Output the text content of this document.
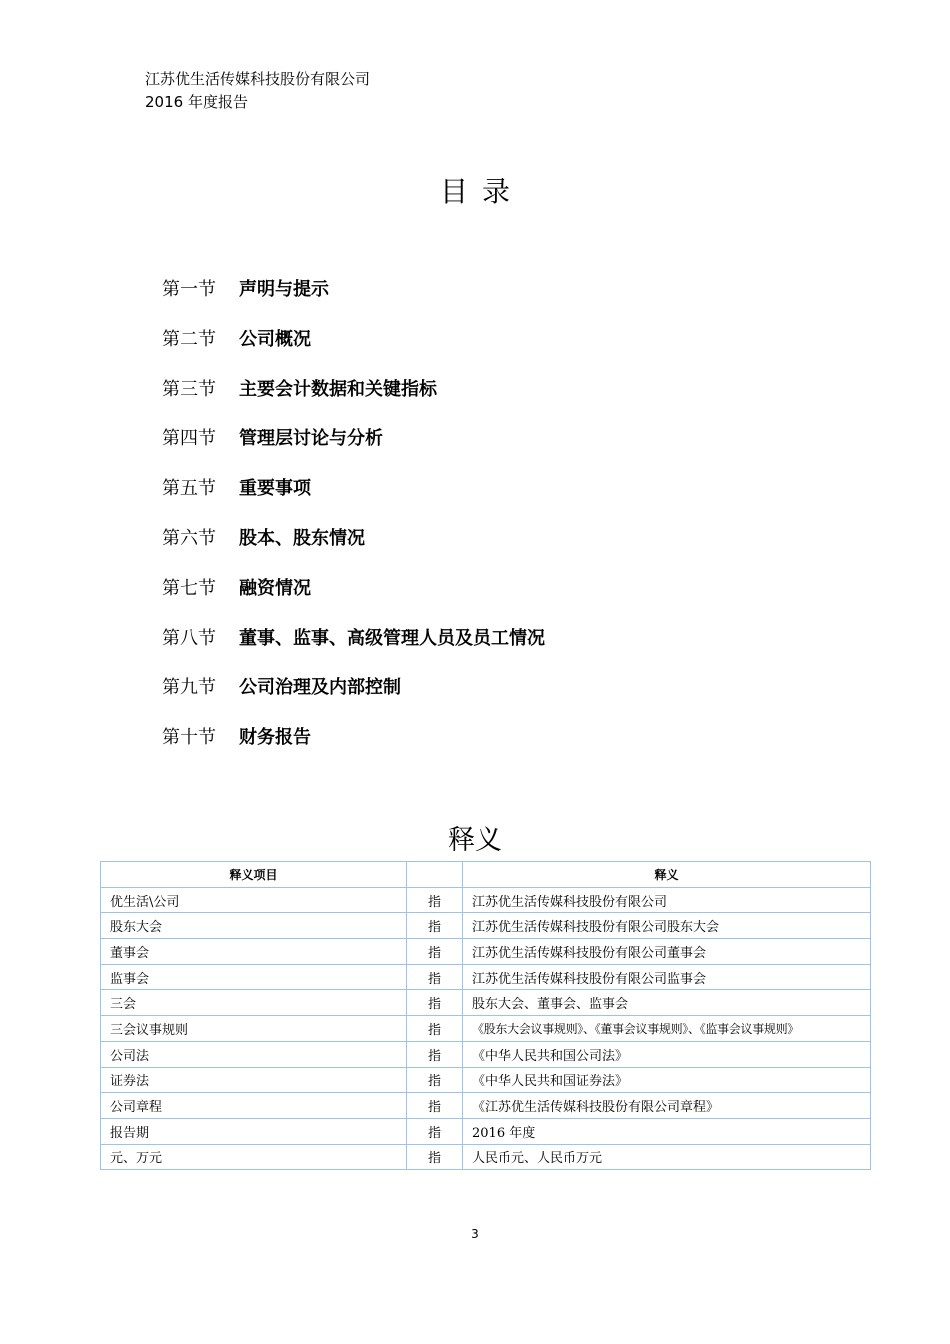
江苏优生活传媒科技股份有限公司
2016 年度报告
目录
第一节	声明与提示
第二节	公司概况
第三节	主要会计数据和关键指标
第四节	管理层讨论与分析
第五节	重要事项
第六节	股本、股东情况
第七节	融资情况
第八节	董事、监事、高级管理人员及员工情况
第九节	公司治理及内部控制
第十节	财务报告
释义
释义项目		释义
优生活\公司	指	江苏优生活传媒科技股份有限公司
股东大会	指	江苏优生活传媒科技股份有限公司股东大会
董事会	指	江苏优生活传媒科技股份有限公司董事会
监事会	指	江苏优生活传媒科技股份有限公司监事会
三会	指	股东大会、董事会、监事会
三会议事规则	指	《股东大会议事规则》、《董事会议事规则》、《监事会议事规则》
公司法	指	《中华人民共和国公司法》
证券法	指	《中华人民共和国证券法》
公司章程	指	《江苏优生活传媒科技股份有限公司章程》
报告期	指	2016 年度
元、万元	指	人民币元、人民币万元
3
